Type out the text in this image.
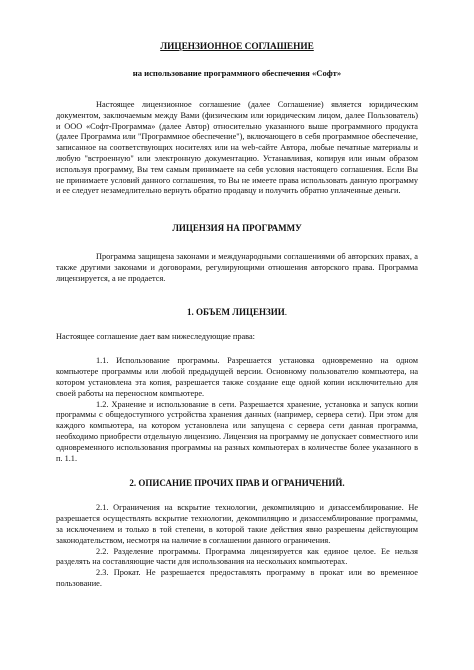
ЛИЦЕНЗИОННОЕ СОГЛАШЕНИЕ

на использование программного обеспечения «Софт»

Настоящее лицензионное соглашение (далее Соглашение) является юридическим документом, заключаемым между Вами (физическим или юридическим лицом, далее Пользователь) и ООО «Софт-Программа» (далее Автор) относительно указанного выше программного продукта (далее Программа или "Программное обеспечение"), включающего в себя программное обеспечение, записанное на соответствующих носителях или на web-сайте Автора, любые печатные материалы и любую "встроенную" или электронную документацию. Устанавливая, копируя или иным образом используя программу, Вы тем самым принимаете на себя условия настоящего соглашения. Если Вы не принимаете условий данного соглашения, то Вы не имеете права использовать данную программу и ее следует незамедлительно вернуть обратно продавцу и получить обратно уплаченные деньги.

ЛИЦЕНЗИЯ НА ПРОГРАММУ

Программа защищена законами и международными соглашениями об авторских правах, а также другими законами и договорами, регулирующими отношения авторского права. Программа лицензируется, а не продается.

1. ОБЪЕМ ЛИЦЕНЗИИ.

Настоящее соглашение дает вам нижеследующие права:

1.1. Использование программы. Разрешается установка одновременно на одном компьютере программы или любой предыдущей версии. Основному пользователю компьютера, на котором установлена эта копия, разрешается также создание еще одной копии исключительно для своей работы на переносном компьютере.

1.2. Хранение и использование в сети. Разрешается хранение, установка и запуск копии программы с общедоступного устройства хранения данных (например, сервера сети). При этом для каждого компьютера, на котором установлена или запущена с сервера сети данная программа, необходимо приобрести отдельную лицензию. Лицензия на программу не допускает совместного или одновременного использования программы на разных компьютерах в количестве более указанного в п. 1.1.

2. ОПИСАНИЕ ПРОЧИХ ПРАВ И ОГРАНИЧЕНИЙ.

2.1. Ограничения на вскрытие технологии, декомпиляцию и дизассемблирование. Не разрешается осуществлять вскрытие технологии, декомпиляцию и дизассемблирование программы, за исключением и только в той степени, в которой такие действия явно разрешены действующим законодательством, несмотря на наличие в соглашении данного ограничения.

2.2. Разделение программы. Программа лицензируется как единое целое. Ее нельзя разделять на составляющие части для использования на нескольких компьютерах.

2.3. Прокат. Не разрешается предоставлять программу в прокат или во временное пользование.
